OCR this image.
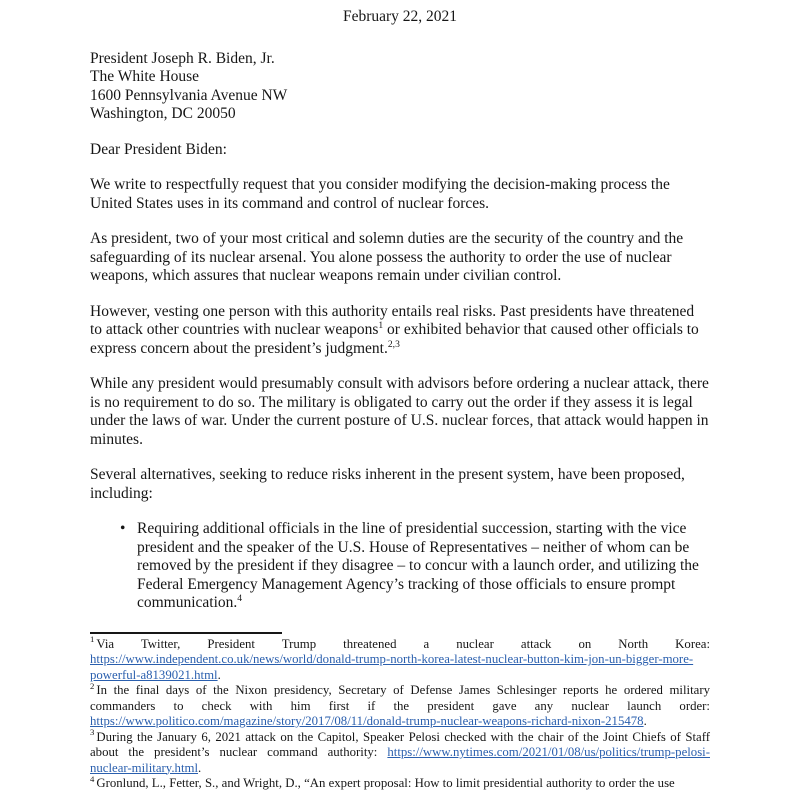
February 22, 2021
President Joseph R. Biden, Jr.
The White House
1600 Pennsylvania Avenue NW
Washington, DC 20050

Dear President Biden:

We write to respectfully request that you consider modifying the decision-making process the United States uses in its command and control of nuclear forces.

As president, two of your most critical and solemn duties are the security of the country and the safeguarding of its nuclear arsenal. You alone possess the authority to order the use of nuclear weapons, which assures that nuclear weapons remain under civilian control.

However, vesting one person with this authority entails real risks. Past presidents have threatened to attack other countries with nuclear weapons$^1$ or exhibited behavior that caused other officials to express concern about the president’s judgment.$^{2,3}$

While any president would presumably consult with advisors before ordering a nuclear attack, there is no requirement to do so. The military is obligated to carry out the order if they assess it is legal under the laws of war. Under the current posture of U.S. nuclear forces, that attack would happen in minutes.

Several alternatives, seeking to reduce risks inherent in the present system, have been proposed, including:

• Requiring additional officials in the line of presidential succession, starting with the vice president and the speaker of the U.S. House of Representatives – neither of whom can be removed by the president if they disagree – to concur with a launch order, and utilizing the Federal Emergency Management Agency’s tracking of those officials to ensure prompt communication.$^4$
$^1$ Via Twitter, President Trump threatened a nuclear attack on North Korea: https://www.independent.co.uk/news/world/donald-trump-north-korea-latest-nuclear-button-kim-jon-un-bigger-more-powerful-a8139021.html.
$^2$ In the final days of the Nixon presidency, Secretary of Defense James Schlesinger reports he ordered military commanders to check with him first if the president gave any nuclear launch order: https://www.politico.com/magazine/story/2017/08/11/donald-trump-nuclear-weapons-richard-nixon-215478.
$^3$ During the January 6, 2021 attack on the Capitol, Speaker Pelosi checked with the chair of the Joint Chiefs of Staff about the president’s nuclear command authority: https://www.nytimes.com/2021/01/08/us/politics/trump-pelosi-nuclear-military.html.
$^4$ Gronlund, L., Fetter, S., and Wright, D., “An expert proposal: How to limit presidential authority to order the use
